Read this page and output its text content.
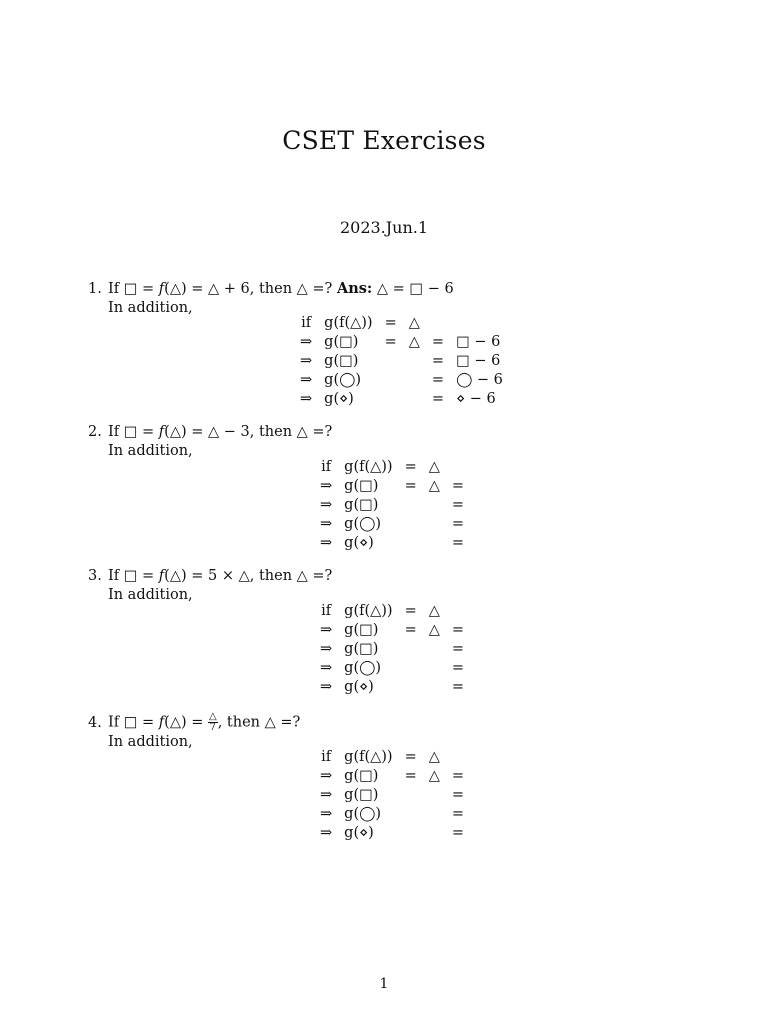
CSET Exercises
2023.Jun.1
1. If □ = f(△) = △ + 6, then △ =? Ans: △ = □ − 6
In addition,
if	g(f(△))	=	△		
⇒	g(□)	=	△	=	□ − 6
⇒	g(□)			=	□ − 6
⇒	g(◯)			=	◯ − 6
⇒	g(⋄)			=	⋄ − 6
2. If □ = f(△) = △ − 3, then △ =?
In addition,
if	g(f(△))	=	△		
⇒	g(□)	=	△	=	
⇒	g(□)			=	
⇒	g(◯)			=	
⇒	g(⋄)			=	
3. If □ = f(△) = 5 × △, then △ =?
In addition,
if	g(f(△))	=	△		
⇒	g(□)	=	△	=	
⇒	g(□)			=	
⇒	g(◯)			=	
⇒	g(⋄)			=	
4. If □ = f(△) = $\frac{\triangle}{7}$ , then △ =?
In addition,
if	g(f(△))	=	△		
⇒	g(□)	=	△	=	
⇒	g(□)			=	
⇒	g(◯)			=	
⇒	g(⋄)			=	
1
